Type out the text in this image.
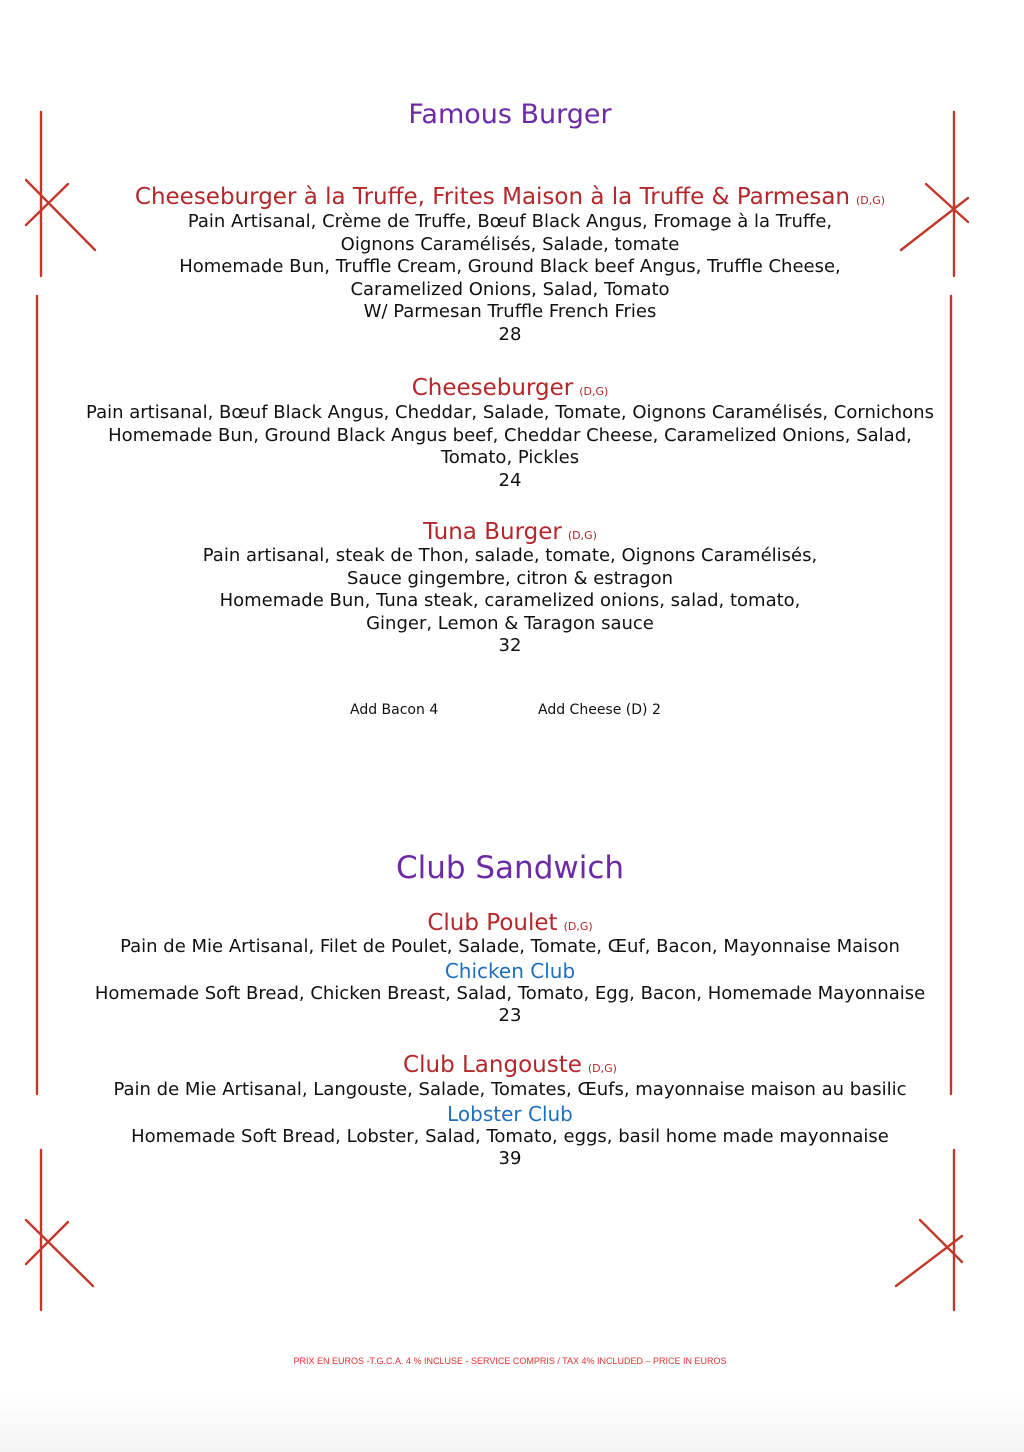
Famous Burger
Cheeseburger à la Truffe, Frites Maison à la Truffe & Parmesan (D,G)
Pain Artisanal, Crème de Truffe, Bœuf Black Angus, Fromage à la Truffe,
Oignons Caramélisés, Salade, tomate
Homemade Bun, Truffle Cream, Ground Black beef Angus, Truffle Cheese,
Caramelized Onions, Salad, Tomato
W/ Parmesan Truffle French Fries
28
Cheeseburger (D,G)
Pain artisanal, Bœuf Black Angus, Cheddar, Salade, Tomate, Oignons Caramélisés, Cornichons
Homemade Bun, Ground Black Angus beef, Cheddar Cheese, Caramelized Onions, Salad,
Tomato, Pickles
24
Tuna Burger (D,G)
Pain artisanal, steak de Thon, salade, tomate, Oignons Caramélisés,
Sauce gingembre, citron & estragon
Homemade Bun, Tuna steak, caramelized onions, salad, tomato,
Ginger, Lemon & Taragon sauce
32
Add Bacon 4	Add Cheese (D) 2
Club Sandwich
Club Poulet (D,G)
Pain de Mie Artisanal, Filet de Poulet, Salade, Tomate, Œuf, Bacon, Mayonnaise Maison
Chicken Club
Homemade Soft Bread, Chicken Breast, Salad, Tomato, Egg, Bacon, Homemade Mayonnaise
23
Club Langouste (D,G)
Pain de Mie Artisanal, Langouste, Salade, Tomates, Œufs, mayonnaise maison au basilic
Lobster Club
Homemade Soft Bread, Lobster, Salad, Tomato, eggs, basil home made mayonnaise
39
PRIX EN EUROS -T.G.C.A. 4 % INCLUSE - SERVICE COMPRIS / TAX 4% INCLUDED – PRICE IN EUROS
